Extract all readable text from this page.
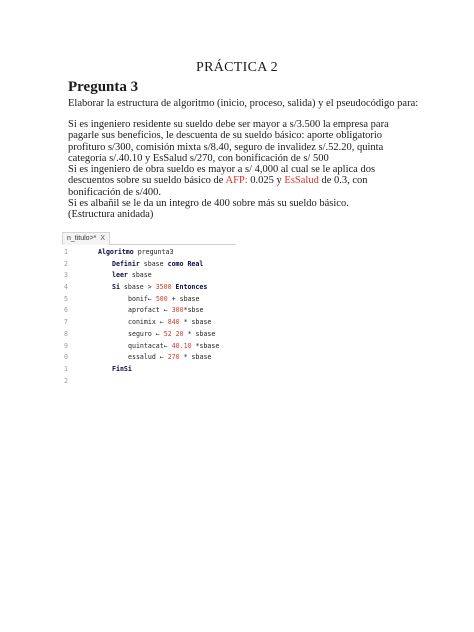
PRÁCTICA 2
Pregunta 3
Elaborar la estructura de algoritmo (inicio, proceso, salida) y el pseudocódigo para:

Si es ingeniero residente su sueldo debe ser mayor a s/3.500 la empresa para pagarle sus beneficios, le descuenta de su sueldo básico: aporte obligatorio profituro s/300, comisión mixta s/8.40, seguro de invalidez s/.52.20, quinta categoría s/.40.10 y EsSalud s/270, con bonificación de s/ 500

Si es ingeniero de obra sueldo es mayor a s/ 4,000 al cual se le aplica dos descuentos sobre su sueldo básico de AFP: 0.025 y EsSalud de 0.3, con bonificación de s/400.

Si es albañil se le da un integro de 400 sobre más su sueldo básico.

(Estructura anidada)

n_titulo>* X
1	Algoritmo pregunta3
2	Definir sbase como Real
3	leer sbase
4	Si sbase > 3500 Entonces
5	bonif← 500 + sbase
6	aprofact ← 300*sbse
7	conimix ← 840 * sbase
8	seguro ← 52 20 * sbase
9	quintacat← 40.10 *sbase
0	essalud ← 270 * sbase
1	FinSi
2
